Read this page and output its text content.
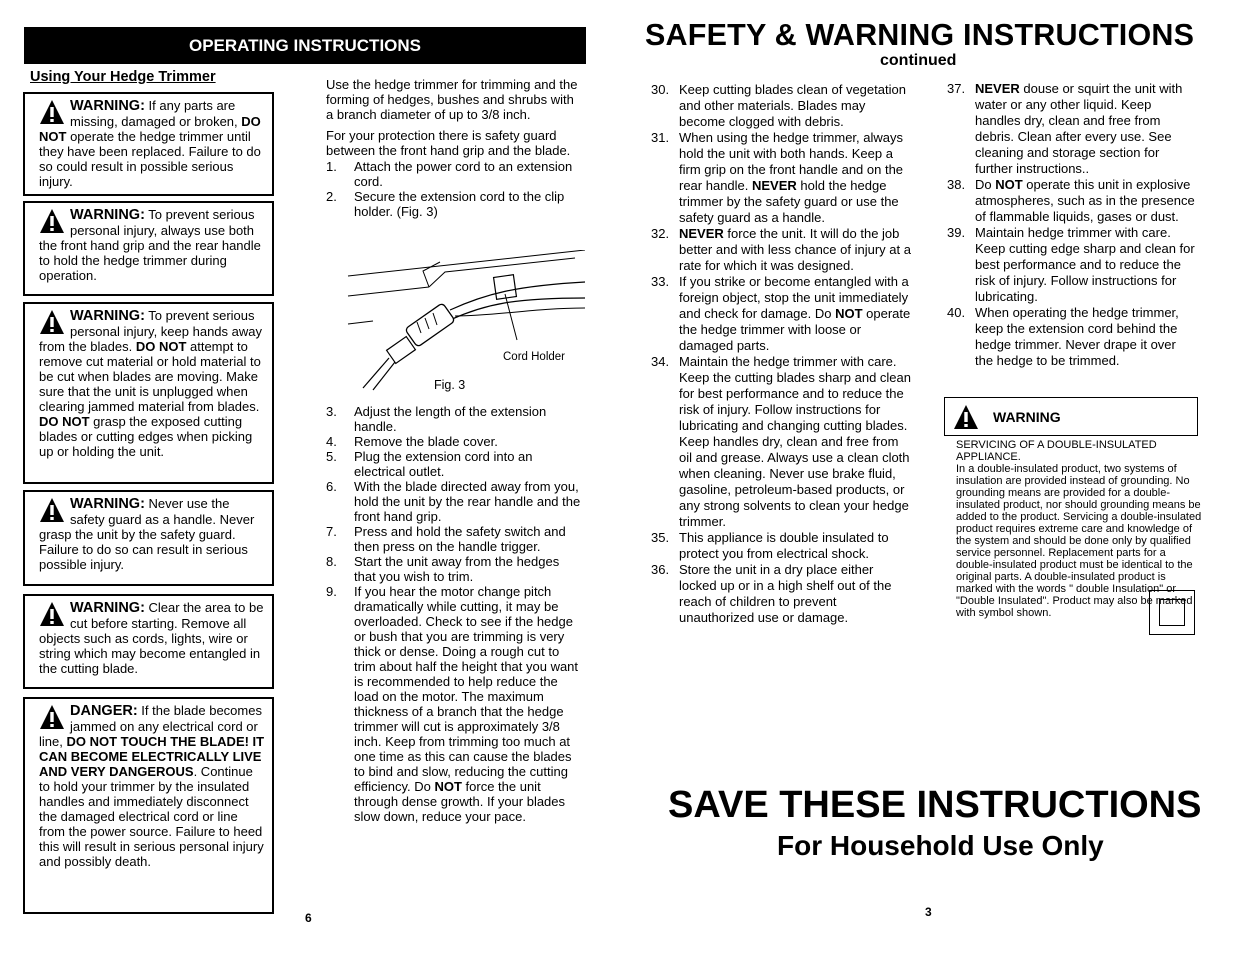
OPERATING INSTRUCTIONS
Using Your Hedge Trimmer
WARNING: If any parts are missing, damaged or broken, DO NOT operate the hedge trimmer until they have been replaced. Failure to do so could result in possible serious injury.
WARNING: To prevent serious personal injury, always use both the front hand grip and the rear handle to hold the hedge trimmer during operation.
WARNING: To prevent serious personal injury, keep hands away from the blades. DO NOT attempt to remove cut material or hold material to be cut when blades are moving. Make sure that the unit is unplugged when clearing jammed material from blades. DO NOT grasp the exposed cutting blades or cutting edges when picking up or holding the unit.
WARNING: Never use the safety guard as a handle. Never grasp the unit by the safety guard. Failure to do so can result in serious possible injury.
WARNING: Clear the area to be cut before starting. Remove all objects such as cords, lights, wire or string which may become entangled in the cutting blade.
DANGER: If the blade becomes jammed on any electrical cord or line, DO NOT TOUCH THE BLADE! IT CAN BECOME ELECTRICALLY LIVE AND VERY DANGEROUS. Continue to hold your trimmer by the insulated handles and immediately disconnect the damaged electrical cord or line from the power source. Failure to heed this will result in serious personal injury and possibly death.

Use the hedge trimmer for trimming and the forming of hedges, bushes and shrubs with a branch diameter of up to 3/8 inch.

For your protection there is safety guard between the front hand grip and the blade.

1. Attach the power cord to an extension cord.
2. Secure the extension cord to the clip holder. (Fig. 3)
Cord Holder
Fig. 3
3. Adjust the length of the extension handle.
4. Remove the blade cover.
5. Plug the extension cord into an electrical outlet.
6. With the blade directed away from you, hold the unit by the rear handle and the front hand grip.
7. Press and hold the safety switch and then press on the handle trigger.
8. Start the unit away from the hedges that you wish to trim.
9. If you hear the motor change pitch dramatically while cutting, it may be overloaded. Check to see if the hedge or bush that you are trimming is very thick or dense. Doing a rough cut to trim about half the height that you want is recommended to help reduce the load on the motor. The maximum thickness of a branch that the hedge trimmer will cut is approximately 3/8 inch. Keep from trimming too much at one time as this can cause the blades to bind and slow, reducing the cutting efficiency. Do NOT force the unit through dense growth. If your blades slow down, reduce your pace.
6
SAFETY & WARNING INSTRUCTIONS
continued
30. Keep cutting blades clean of vegetation and other materials. Blades may become clogged with debris.
31. When using the hedge trimmer, always hold the unit with both hands. Keep a firm grip on the front handle and on the rear handle. NEVER hold the hedge trimmer by the safety guard or use the safety guard as a handle.
32. NEVER force the unit. It will do the job better and with less chance of injury at a rate for which it was designed.
33. If you strike or become entangled with a foreign object, stop the unit immediately and check for damage. Do NOT operate the hedge trimmer with loose or damaged parts.
34. Maintain the hedge trimmer with care. Keep the cutting blades sharp and clean for best performance and to reduce the risk of injury. Follow instructions for lubricating and changing cutting blades. Keep handles dry, clean and free from oil and grease. Always use a clean cloth when cleaning. Never use brake fluid, gasoline, petroleum-based products, or any strong solvents to clean your hedge trimmer.
35. This appliance is double insulated to protect you from electrical shock.
36. Store the unit in a dry place either locked up or in a high shelf out of the reach of children to prevent unauthorized use or damage.
37. NEVER douse or squirt the unit with water or any other liquid. Keep handles dry, clean and free from debris. Clean after every use. See cleaning and storage section for further instructions..
38. Do NOT operate this unit in explosive atmospheres, such as in the presence of flammable liquids, gases or dust.
39. Maintain hedge trimmer with care. Keep cutting edge sharp and clean for best performance and to reduce the risk of injury. Follow instructions for lubricating.
40. When operating the hedge trimmer, keep the extension cord behind the hedge trimmer. Never drape it over the hedge to be trimmed.
WARNING
SERVICING OF A DOUBLE-INSULATED APPLIANCE.
In a double-insulated product, two systems of insulation are provided instead of grounding. No grounding means are provided for a double-insulated product, nor should grounding means be added to the product. Servicing a double-insulated product requires extreme care and knowledge of the system and should be done only by qualified service personnel. Replacement parts for a double-insulated product must be identical to the original parts. A double-insulated product is marked with the words " double Insulation" or "Double Insulated". Product may also be marked with symbol shown.
SAVE THESE INSTRUCTIONS
For Household Use Only
3
